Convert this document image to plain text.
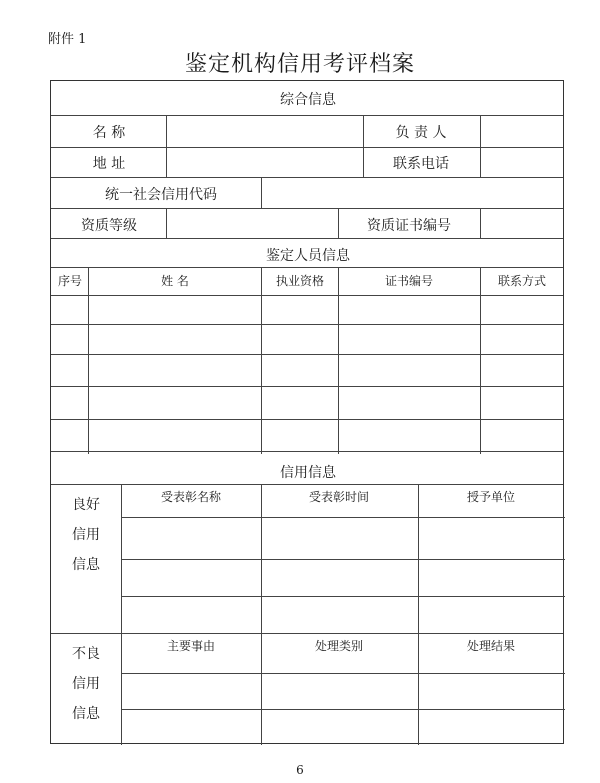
附件 1
鉴定机构信用考评档案
综合信息
名 称	负 责 人
地 址	联系电话
统一社会信用代码
资质等级	资质证书编号
鉴定人员信息
序号	姓 名	执业资格	证书编号	联系方式
信用信息
良好
信用
信息
受表彰名称	受表彰时间	授予单位
不良
信用
信息
主要事由	处理类别	处理结果
6
